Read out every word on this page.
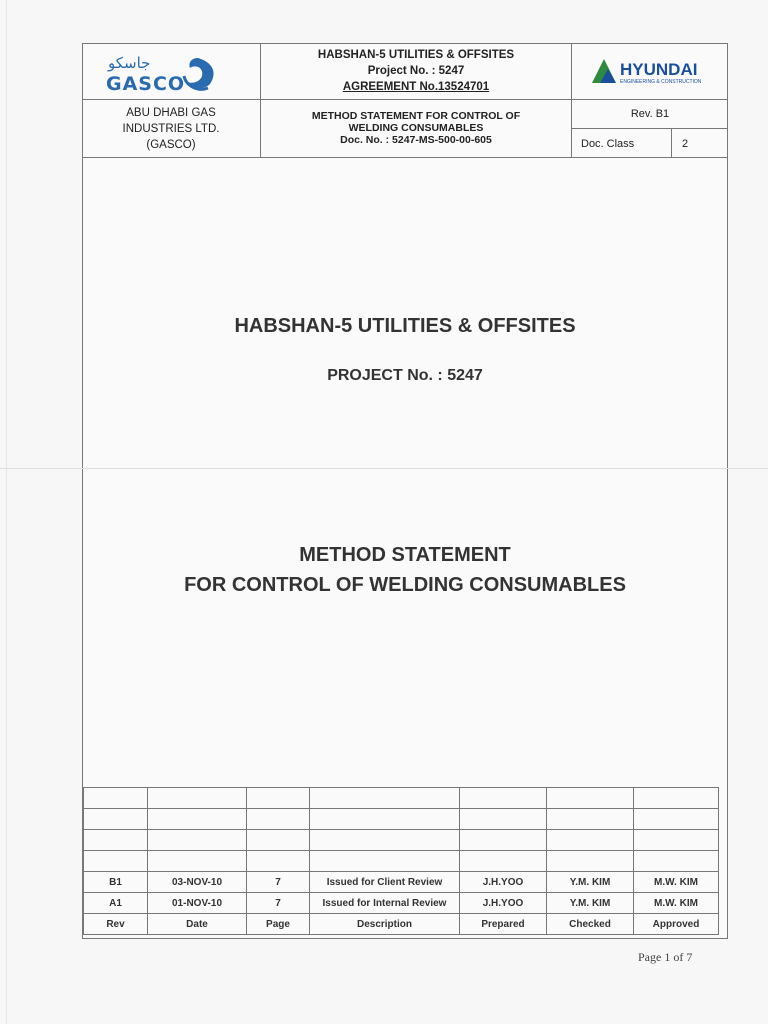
جاسكو
GASCO
HABSHAN-5 UTILITIES & OFFSITES
Project No. : 5247
AGREEMENT No.13524701
HYUNDAI
ENGINEERING & CONSTRUCTION
ABU DHABI GAS
INDUSTRIES LTD.
(GASCO)
METHOD STATEMENT FOR CONTROL OF
WELDING CONSUMABLES
Doc. No. : 5247-MS-500-00-605
Rev. B1
Doc. Class	2
HABSHAN-5 UTILITIES & OFFSITES
PROJECT No. : 5247
METHOD STATEMENT
FOR CONTROL OF WELDING CONSUMABLES

B1	03-NOV-10	7	Issued for Client Review	J.H.YOO	Y.M. KIM	M.W. KIM
A1	01-NOV-10	7	Issued for Internal Review	J.H.YOO	Y.M. KIM	M.W. KIM
Rev	Date	Page	Description	Prepared	Checked	Approved
Page 1 of 7
